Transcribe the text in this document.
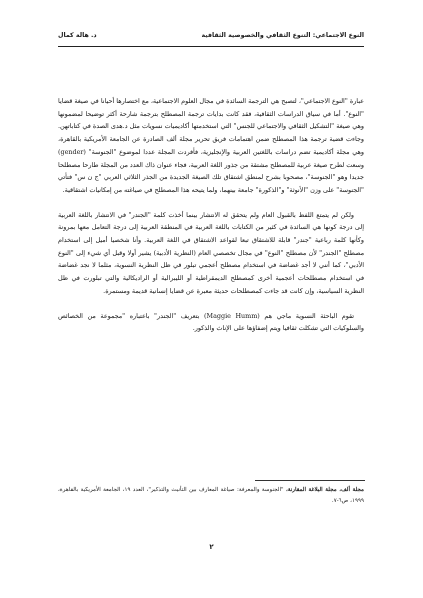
النوع الاجتماعي: التنوع الثقافي والخصوصية الثقافية
د. هالة كمال

عبارة "النوع الاجتماعي"، لتصبح هي الترجمة السائدة في مجال العلوم الاجتماعية، مع اختصارها أحيانا في صيغة قضايا "النوع". أما في سياق الدراسات الثقافية، فقد كانت بدايات ترجمة المصطلح بترجمة شارحة أكثر توضيحا لمضمونها وهي صيغة "التشكيل الثقافي والاجتماعي للجنس" التي استخدمتها أكاديميات نسويات مثل د.هدى الصدة في كتاباتهن. وجاءت قضية ترجمة هذا المصطلح ضمن اهتمامات فريق تحرير مجلة ألف الصادرة عن الجامعة الأمريكية بالقاهرة، وهي مجلة أكاديمية تضم دراسات باللغتين العربية والإنجليزية، فأفردت المجلة عددا لموضوع "الجنوسة" (gender) وسعت لطرح صيغة عربية للمصطلح مشتقة من جذور اللغة العربية، فجاء عنوان ذاك العدد من المجلة طارحا مصطلحا جديدا وهو "الجنوسة"، مصحوبا بشرح لمنطق اشتقاق تلك الصيغة الجديدة من الجذر الثلاثي العربي "ج ن س" فتأتي "الجنوسة" على وزن "الأنوثة" و"الذكورة" جامعة بينهما، ولما يتيحه هذا المصطلح في صياغته من إمكانيات اشتقاقية.

ولكن لم يتمتع اللفظ بالقبول العام ولم يتحقق له الانتشار بينما أخذت كلمة "الجندر" في الانتشار باللغة العربية إلى درجة كونها هي السائدة في كثير من الكتابات باللغة العربية في المنطقة العربية إلى درجة التعامل معها بمرونة وكأنها كلمة رباعية "جندر" قابلة للاشتقاق تبعا لقواعد الاشتقاق في اللغة العربية. وأنا شخصيا أميل إلى استخدام مصطلح "الجندر" لأن مصطلح "النوع" في مجال تخصصي العام (النظرية الأدبية) يشير أولا وقبل أي شيء إلى "النوع الأدبي"، كما أنني لا أجد غضاضة في استخدام مصطلح أعجمي تبلور في ظل النظرية النسوية، مثلما لا نجد غضاضة في استخدام مصطلحات أعجمية أخرى كمصطلح الديمقراطية أو الليبرالية أو الراديكالية والتي تبلورت في ظل النظرية السياسية، وإن كانت قد جاءت كمصطلحات حديثة معبرة عن قضايا إنسانية قديمة ومستمرة.

تقوم الباحثة النسوية ماجي هم (Maggie Humm) بتعريف "الجندر" باعتباره "مجموعة من الخصائص والسلوكيات التي تشكلت ثقافيا ويتم إضفاؤها على الإناث والذكور.

مجلة ألف، مجلة البلاغة المقارنة، "الجنوسة والمعرفة: صياغة المعارف بين التأنيث والتذكير"، العدد ١٩، الجامعة الأمريكية بالقاهرة، ١٩٩٩، ص٦-٧.
٢
